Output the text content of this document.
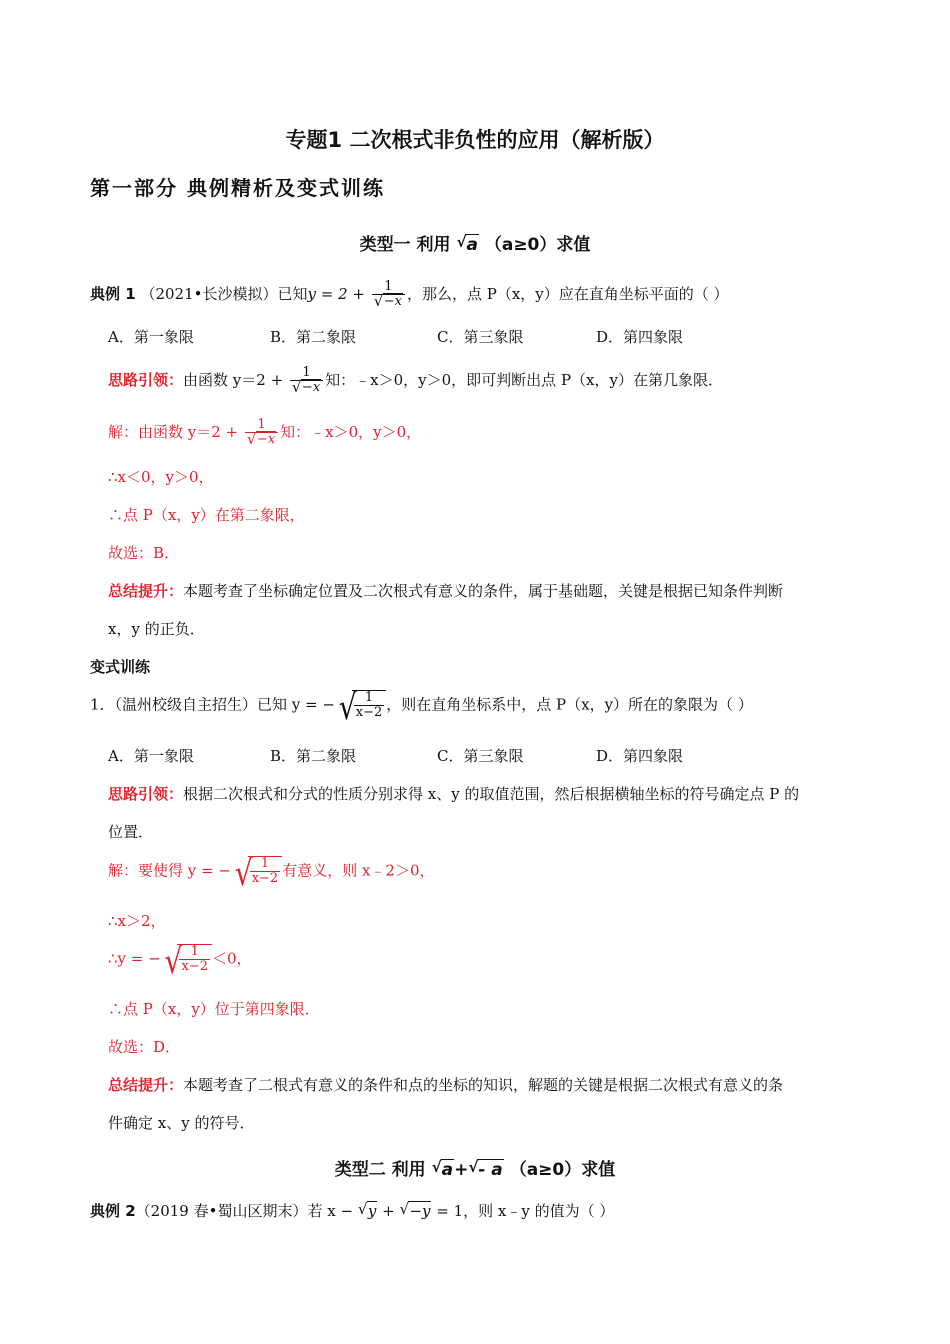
专题1 二次根式非负性的应用（解析版）
第一部分 典例精析及变式训练
类型一 利用 √ a （a≥0）求值
典例 1 （2021•长沙模拟）已知y = 2 + 1
√ −x ，那么，点 P（x，y）应在直角坐标平面的（ ）
A．第一象限	B．第二象限	C．第三象限	D．第四象限
思路引领：由函数 y＝2 + 1
√ −x 知：﹣x＞0，y＞0，即可判断出点 P（x，y）在第几象限．
解：由函数 y＝2 + 1
√ −x 知：﹣x＞0，y＞0，
∴x＜0，y＞0，
∴点 P（x，y）在第二象限，
故选：B．
总结提升：本题考查了坐标确定位置及二次根式有意义的条件，属于基础题，关键是根据已知条件判断
x，y 的正负．
变式训练
1．（温州校级自主招生）已知 y = − √ $\frac{1}{x-2}$ ，则在直角坐标系中，点 P（x，y）所在的象限为（ ）
A．第一象限	B．第二象限	C．第三象限	D．第四象限
思路引领：根据二次根式和分式的性质分别求得 x、y 的取值范围，然后根据横轴坐标的符号确定点 P 的
位置．
解：要使得 y = − √ $\frac{1}{x-2}$ 有意义，则 x﹣2＞0，
∴x＞2，
∴y = − √ $\frac{1}{x-2} <0$，
∴点 P（x，y）位于第四象限．
故选：D．
总结提升：本题考查了二根式有意义的条件和点的坐标的知识，解题的关键是根据二次根式有意义的条
件确定 x、y 的符号．
类型二 利用 √ a+ √ - a （a≥0）求值
典例 2（2019 春•蜀山区期末）若 x − √ y + √ −y = 1，则 x﹣y 的值为（ ）
